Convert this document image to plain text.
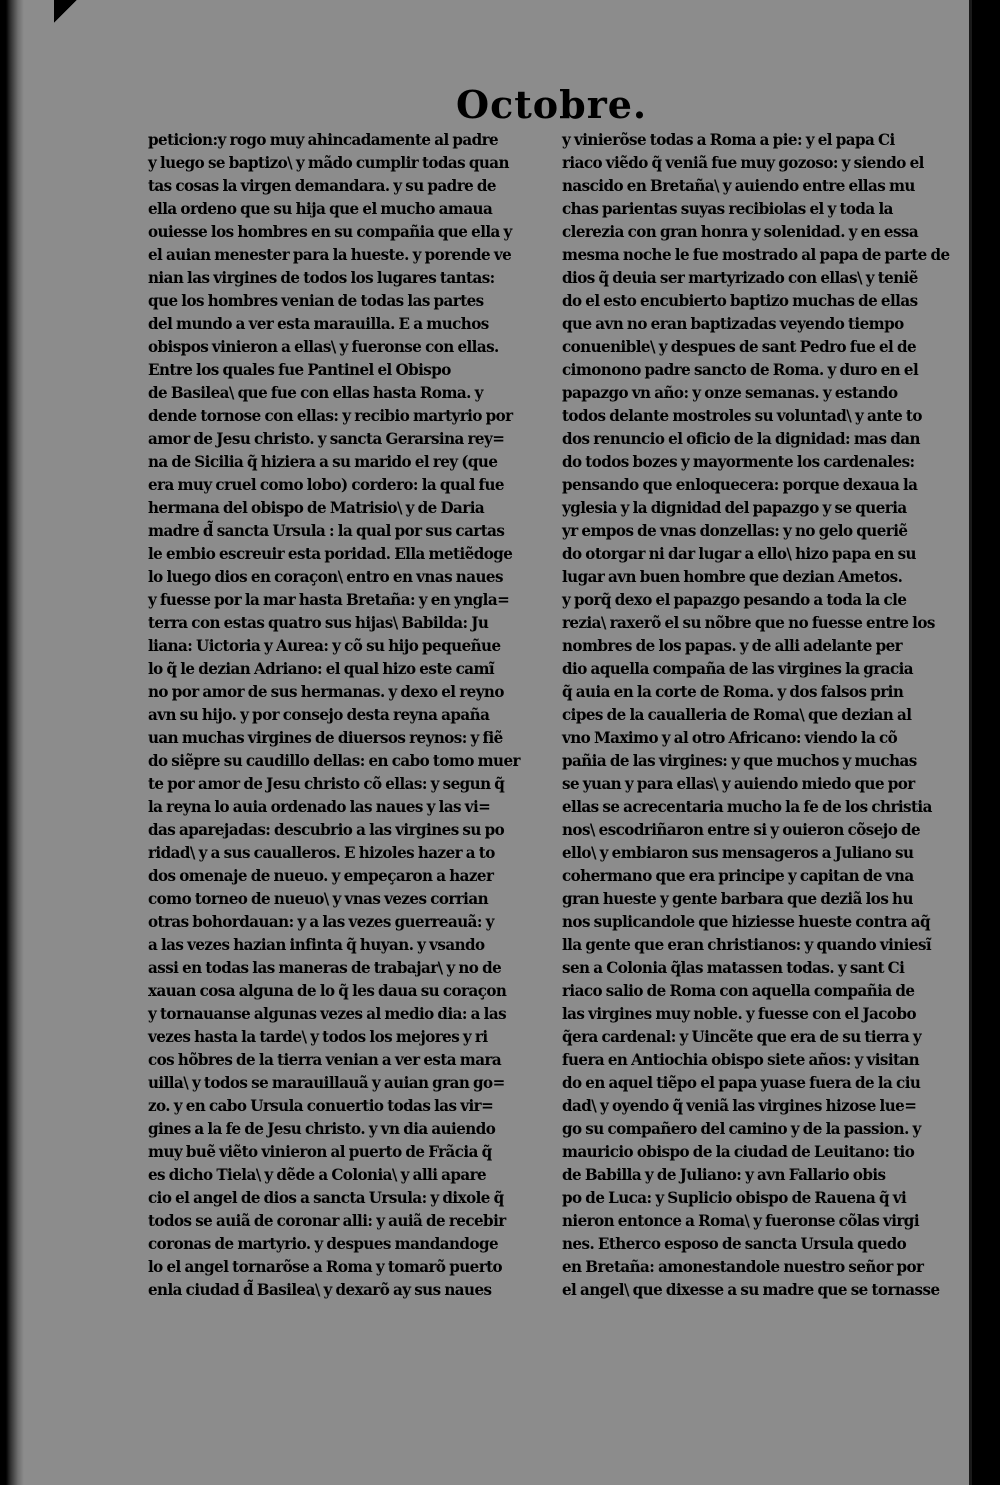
Octobre.
peticion:y rogo muy ahincadamente al padre
y luego se baptizo\ y mãdo cumplir todas quan
tas cosas la virgen demandara. y su padre de
ella ordeno que su hija que el mucho amaua
ouiesse los hombres en su compañia que ella y
el auian menester para la hueste. y porende ve
nian las virgines de todos los lugares tantas:
que los hombres venian de todas las partes
del mundo a ver esta marauilla. E a muchos
obispos vinieron a ellas\ y fueronse con ellas.
Entre los quales fue Pantinel el Obispo
de Basilea\ que fue con ellas hasta Roma. y
dende tornose con ellas: y recibio martyrio por
amor de Jesu christo. y sancta Gerarsina rey=
na de Sicilia q̃ hiziera a su marido el rey (que
era muy cruel como lobo) cordero: la qual fue
hermana del obispo de Matrisio\ y de Daria
madre d̃ sancta Ursula : la qual por sus cartas
le embio escreuir esta poridad. Ella metiẽdoge
lo luego dios en coraçon\ entro en vnas naues
y fuesse por la mar hasta Bretaña: y en yngla=
terra con estas quatro sus hijas\ Babilda: Ju
liana: Uictoria y Aurea: y cõ su hijo pequeñue
lo q̃ le dezian Adriano: el qual hizo este camĩ
no por amor de sus hermanas. y dexo el reyno
avn su hijo. y por consejo desta reyna apaña
uan muchas virgines de diuersos reynos: y fiẽ
do siẽpre su caudillo dellas: en cabo tomo muer
te por amor de Jesu christo cõ ellas: y segun q̃
la reyna lo auia ordenado las naues y las vi=
das aparejadas: descubrio a las virgines su po
ridad\ y a sus caualleros. E hizoles hazer a to
dos omenaje de nueuo. y empeçaron a hazer
como torneo de nueuo\ y vnas vezes corrian
otras bohordauan: y a las vezes guerreauã: y
a las vezes hazian infinta q̃ huyan. y vsando
assi en todas las maneras de trabajar\ y no de
xauan cosa alguna de lo q̃ les daua su coraçon
y tornauanse algunas vezes al medio dia: a las
vezes hasta la tarde\ y todos los mejores y ri
cos hõbres de la tierra venian a ver esta mara
uilla\ y todos se marauillauã y auian gran go=
zo. y en cabo Ursula conuertio todas las vir=
gines a la fe de Jesu christo. y vn dia auiendo
muy buẽ viẽto vinieron al puerto de Frãcia q̃
es dicho Tiela\ y dẽde a Colonia\ y alli apare
cio el angel de dios a sancta Ursula: y dixole q̃
todos se auiã de coronar alli: y auiã de recebir
coronas de martyrio. y despues mandandoge
lo el angel tornarõse a Roma y tomarõ puerto
enla ciudad d̃ Basilea\ y dexarõ ay sus naues
y vinierõse todas a Roma a pie: y el papa Ci
riaco viẽdo q̃ veniã fue muy gozoso: y siendo el
nascido en Bretaña\ y auiendo entre ellas mu
chas parientas suyas recibiolas el y toda la
clerezia con gran honra y solenidad. y en essa
mesma noche le fue mostrado al papa de parte de
dios q̃ deuia ser martyrizado con ellas\ y teniẽ
do el esto encubierto baptizo muchas de ellas
que avn no eran baptizadas veyendo tiempo
conuenible\ y despues de sant Pedro fue el de
cimonono padre sancto de Roma. y duro en el
papazgo vn año: y onze semanas. y estando
todos delante mostroles su voluntad\ y ante to
dos renuncio el oficio de la dignidad: mas dan
do todos bozes y mayormente los cardenales:
pensando que enloquecera: porque dexaua la
yglesia y la dignidad del papazgo y se queria
yr empos de vnas donzellas: y no gelo queriẽ
do otorgar ni dar lugar a ello\ hizo papa en su
lugar avn buen hombre que dezian Ametos.
y porq̃ dexo el papazgo pesando a toda la cle
rezia\ raxerõ el su nõbre que no fuesse entre los
nombres de los papas. y de alli adelante per
dio aquella compaña de las virgines la gracia
q̃ auia en la corte de Roma. y dos falsos prin
cipes de la caualleria de Roma\ que dezian al
vno Maximo y al otro Africano: viendo la cõ
pañia de las virgines: y que muchos y muchas
se yuan y para ellas\ y auiendo miedo que por
ellas se acrecentaria mucho la fe de los christia
nos\ escodriñaron entre si y ouieron cõsejo de
ello\ y embiaron sus mensageros a Juliano su
cohermano que era principe y capitan de vna
gran hueste y gente barbara que deziã los hu
nos suplicandole que hiziesse hueste contra aq̃
lla gente que eran christianos: y quando viniesĩ
sen a Colonia q̃las matassen todas. y sant Ci
riaco salio de Roma con aquella compañia de
las virgines muy noble. y fuesse con el Jacobo
q̃era cardenal: y Uincẽte que era de su tierra y
fuera en Antiochia obispo siete años: y visitan
do en aquel tiẽpo el papa yuase fuera de la ciu
dad\ y oyendo q̃ veniã las virgines hizose lue=
go su compañero del camino y de la passion. y
mauricio obispo de la ciudad de Leuitano: tio
de Babilla y de Juliano: y avn Fallario obis
po de Luca: y Suplicio obispo de Rauena q̃ vi
nieron entonce a Roma\ y fueronse cõlas virgi
nes. Etherco esposo de sancta Ursula quedo
en Bretaña: amonestandole nuestro señor por
el angel\ que dixesse a su madre que se tornasse
